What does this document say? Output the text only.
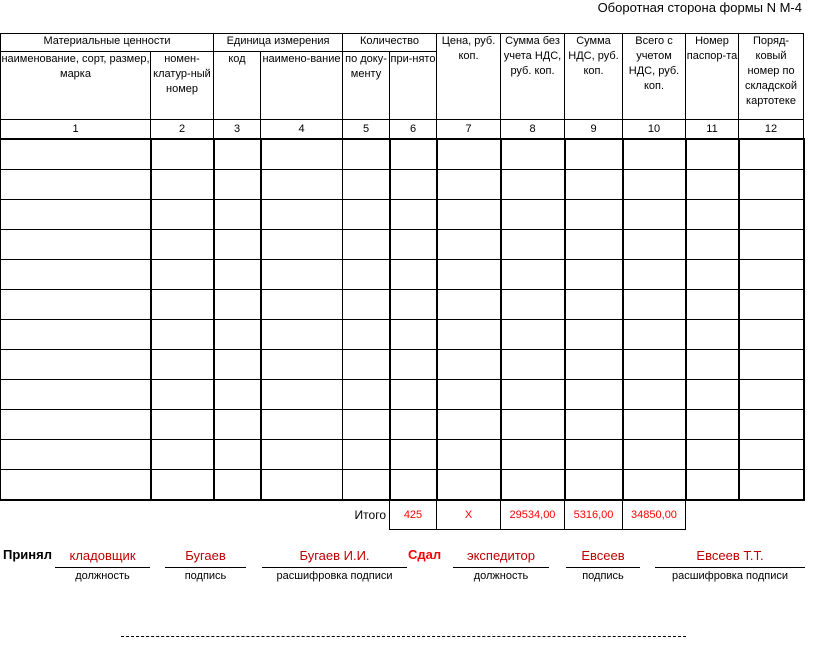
Оборотная сторона формы N М-4
Материальные ценности		Единица измерения		Количество		Цена, руб. коп.	Сумма без учета НДС, руб. коп.	Сумма НДС, руб. коп.	Всего с учетом НДС, руб. коп.	Номер паспор-та	Поряд-ковый номер по складской картотеке
наименование, сорт, размер, марка	номен-клатур-ный номер	код	наимено-вание	по доку-менту	при-нято						
1	2	3	4	5	6	7	8	9	10	11	12

				Итого	425	Х	29534,00	5316,00	34850,00		
Принял	кладовщик	Бугаев	Бугаев И.И.	Сдал	экспедитор	Евсеев	Евсеев Т.Т.
должность	подпись	расшифровка подписи	должность	подпись	расшифровка подписи
